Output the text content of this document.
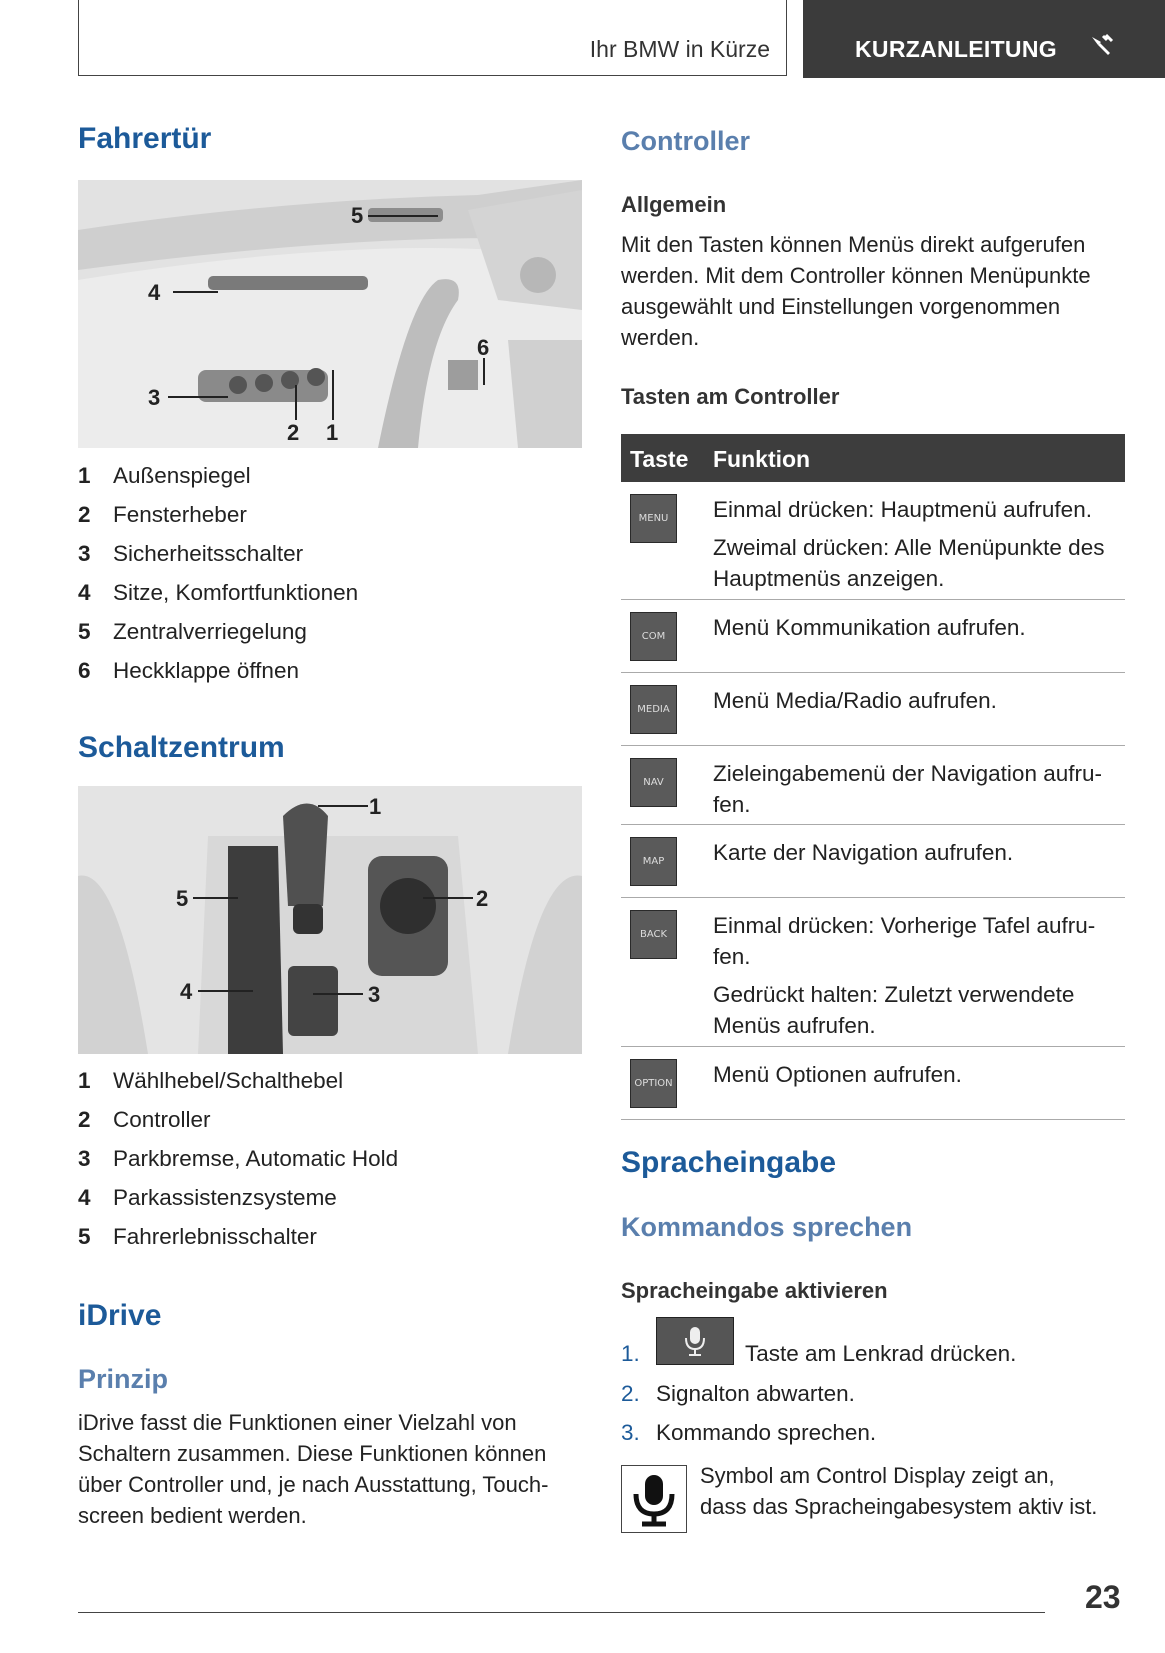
Ihr BMW in Kürze	KURZANLEITUNG
Fahrertür
5
4
3
2 1
6
1 Außenspiegel
2 Fensterheber
3 Sicherheitsschalter
4 Sitze, Komfortfunktionen
5 Zentralverriegelung
6 Heckklappe öffnen
Schaltzentrum
1
2
3
4
5
1 Wählhebel/Schalthebel
2 Controller
3 Parkbremse, Automatic Hold
4 Parkassistenzsysteme
5 Fahrerlebnisschalter
iDrive
Prinzip
iDrive fasst die Funktionen einer Vielzahl von
Schaltern zusammen. Diese Funktionen können
über Controller und, je nach Ausstattung, Touch-
screen bedient werden.
Controller
Allgemein
Mit den Tasten können Menüs direkt aufgerufen
werden. Mit dem Controller können Menüpunkte
ausgewählt und Einstellungen vorgenommen
werden.
Tasten am Controller
Taste Funktion
MENU	Einmal drücken: Hauptmenü aufrufen.

Zweimal drücken: Alle Menüpunkte des Hauptmenüs anzeigen.

COM	Menü Kommunikation aufrufen.

MEDIA	Menü Media/Radio aufrufen.

NAV	Zieleingabemenü der Navigation aufru- fen.

MAP	Karte der Navigation aufrufen.

BACK	Einmal drücken: Vorherige Tafel aufru- fen.

Gedrückt halten: Zuletzt verwendete Menüs aufrufen.

OPTION Menü Optionen aufrufen.

Spracheingabe
Kommandos sprechen
Spracheingabe aktivieren
1.	Taste am Lenkrad drücken.
2. Signalton abwarten.
3. Kommando sprechen.
Symbol am Control Display zeigt an,
dass das Spracheingabesystem aktiv ist.
23
